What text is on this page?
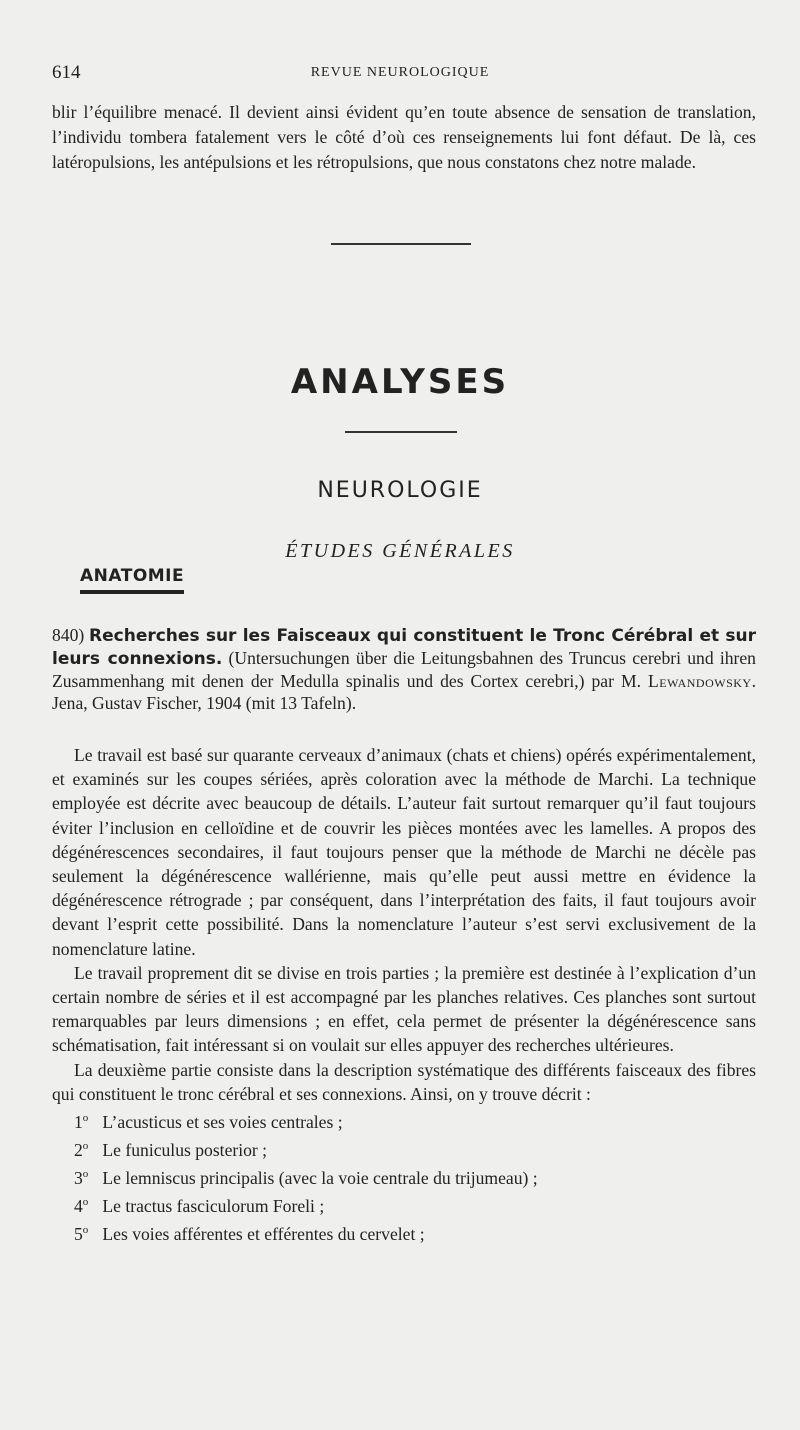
614	REVUE NEUROLOGIQUE

blir l’équilibre menacé. Il devient ainsi évident qu’en toute absence de sensation de translation, l’individu tombera fatalement vers le côté d’où ces renseignements lui font défaut. De là, ces latéropulsions, les antépulsions et les rétropulsions, que nous constatons chez notre malade.

ANALYSES
NEUROLOGIE
ÉTUDES GÉNÉRALES
ANATOMIE
840) Recherches sur les Faisceaux qui constituent le Tronc Cérébral et sur leurs connexions. (Untersuchungen über die Leitungsbahnen des Truncus cerebri und ihren Zusammenhang mit denen der Medulla spinalis und des Cortex cerebri,) par M. Lewandowsky. Jena, Gustav Fischer, 1904 (mit 13 Tafeln).

Le travail est basé sur quarante cerveaux d’animaux (chats et chiens) opérés expérimentalement, et examinés sur les coupes sériées, après coloration avec la méthode de Marchi. La technique employée est décrite avec beaucoup de détails. L’auteur fait surtout remarquer qu’il faut toujours éviter l’inclusion en celloïdine et de couvrir les pièces montées avec les lamelles. A propos des dégénérescences secondaires, il faut toujours penser que la méthode de Marchi ne décèle pas seulement la dégénérescence wallérienne, mais qu’elle peut aussi mettre en évidence la dégénérescence rétrograde ; par conséquent, dans l’interprétation des faits, il faut toujours avoir devant l’esprit cette possibilité. Dans la nomenclature l’auteur s’est servi exclusivement de la nomenclature latine.

Le travail proprement dit se divise en trois parties ; la première est destinée à l’explication d’un certain nombre de séries et il est accompagné par les planches relatives. Ces planches sont surtout remarquables par leurs dimensions ; en effet, cela permet de présenter la dégénérescence sans schématisation, fait intéressant si on voulait sur elles appuyer des recherches ultérieures.

La deuxième partie consiste dans la description systématique des différents faisceaux des fibres qui constituent le tronc cérébral et ses connexions. Ainsi, on y trouve décrit :

1$^o$ L’acusticus et ses voies centrales ;
2$^o$ Le funiculus posterior ;
3$^o$ Le lemniscus principalis (avec la voie centrale du trijumeau) ;
4$^o$ Le tractus fasciculorum Foreli ;
5$^o$ Les voies afférentes et efférentes du cervelet ;
